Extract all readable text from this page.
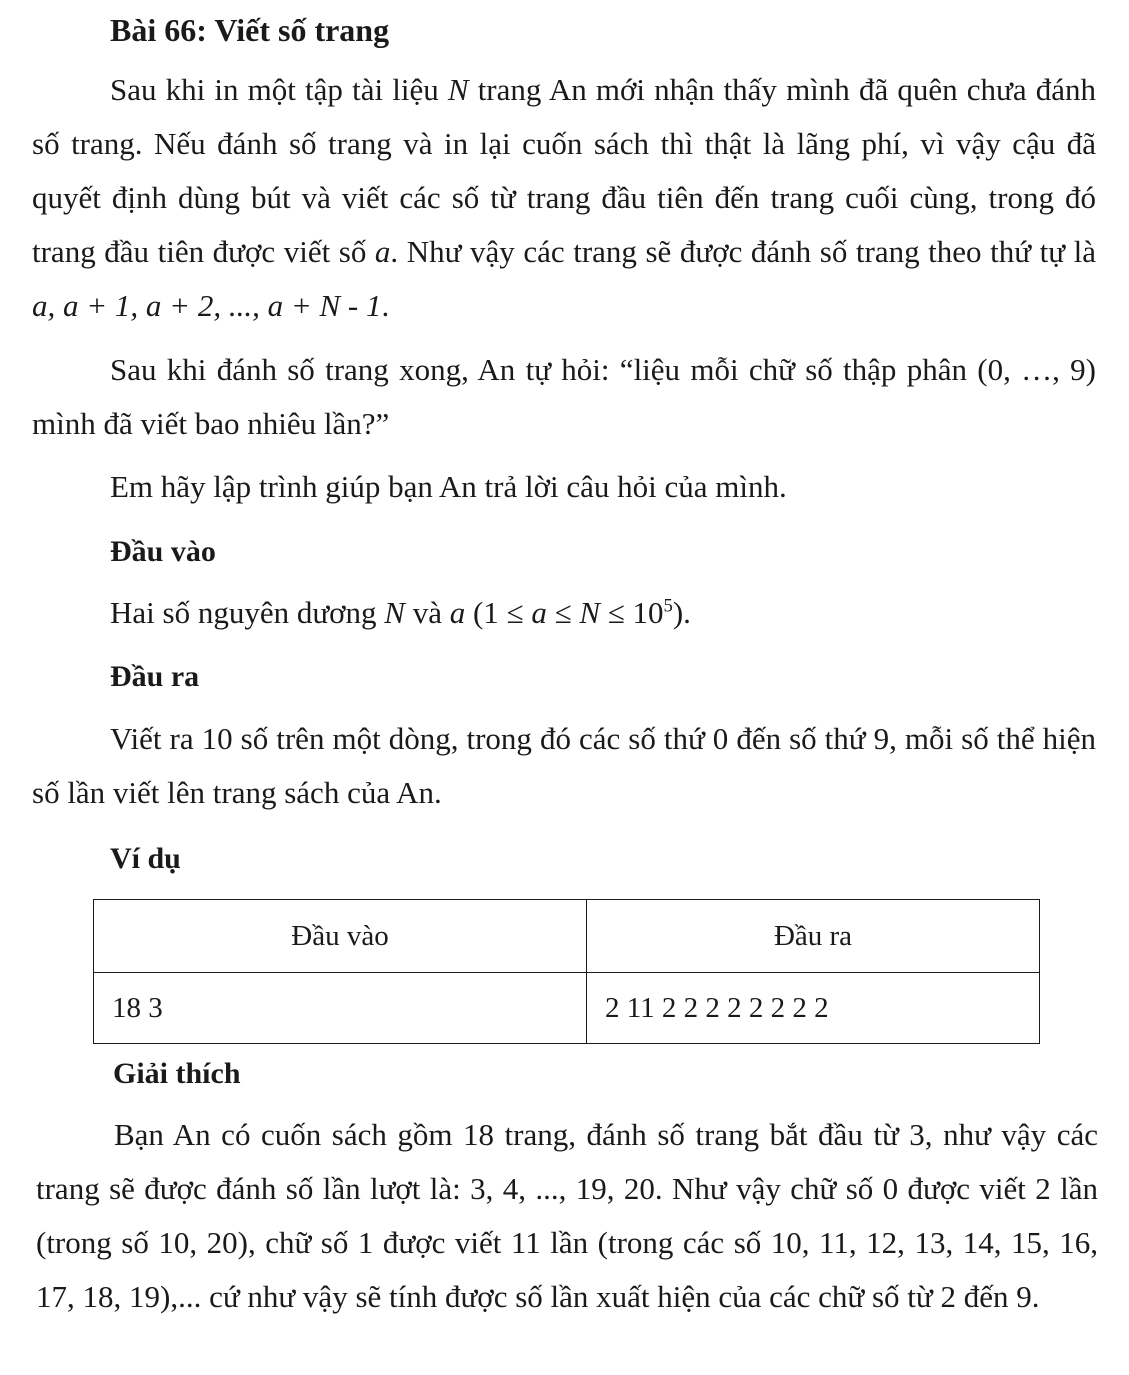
Bài 66: Viết số trang
Sau khi in một tập tài liệu N trang An mới nhận thấy mình đã quên chưa đánh số trang. Nếu đánh số trang và in lại cuốn sách thì thật là lãng phí, vì vậy cậu đã quyết định dùng bút và viết các số từ trang đầu tiên đến trang cuối cùng, trong đó trang đầu tiên được viết số a. Như vậy các trang sẽ được đánh số trang theo thứ tự là a, a + 1, a + 2, ..., a + N - 1.
Sau khi đánh số trang xong, An tự hỏi: “liệu mỗi chữ số thập phân (0, …, 9) mình đã viết bao nhiêu lần?”
Em hãy lập trình giúp bạn An trả lời câu hỏi của mình.
Đầu vào
Hai số nguyên dương N và a $(1 \le a \le N \le 10^5)$.
Đầu ra
Viết ra 10 số trên một dòng, trong đó các số thứ 0 đến số thứ 9, mỗi số thể hiện số lần viết lên trang sách của An.
Ví dụ
Đầu vào	Đầu ra
18 3	2 11 2 2 2 2 2 2 2 2
Giải thích
Bạn An có cuốn sách gồm 18 trang, đánh số trang bắt đầu từ 3, như vậy các trang sẽ được đánh số lần lượt là: 3, 4, ..., 19, 20. Như vậy chữ số 0 được viết 2 lần (trong số 10, 20), chữ số 1 được viết 11 lần (trong các số 10, 11, 12, 13, 14, 15, 16, 17, 18, 19),... cứ như vậy sẽ tính được số lần xuất hiện của các chữ số từ 2 đến 9.
